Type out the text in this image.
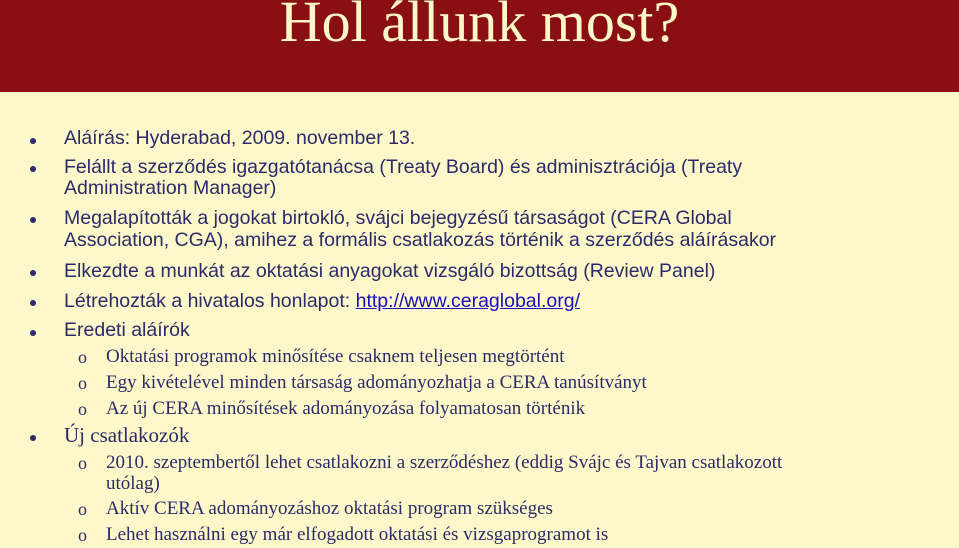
Hol állunk most?
Aláírás: Hyderabad, 2009. november 13.
Felállt a szerződés igazgatótanácsa (Treaty Board) és adminisztrációja (Treaty
Administration Manager)
Megalapították a jogokat birtokló, svájci bejegyzésű társaságot (CERA Global
Association, CGA), amihez a formális csatlakozás történik a szerződés aláírásakor
Elkezdte a munkát az oktatási anyagokat vizsgáló bizottság (Review Panel)
Létrehozták a hivatalos honlapot: http://www.ceraglobal.org/
Eredeti aláírók
o Oktatási programok minősítése csaknem teljesen megtörtént
o Egy kivételével minden társaság adományozhatja a CERA tanúsítványt
o Az új CERA minősítések adományozása folyamatosan történik
Új csatlakozók
o 2010. szeptembertől lehet csatlakozni a szerződéshez (eddig Svájc és Tajvan csatlakozott
utólag)
o Aktív CERA adományozáshoz oktatási program szükséges
o Lehet használni egy már elfogadott oktatási és vizsgaprogramot is
